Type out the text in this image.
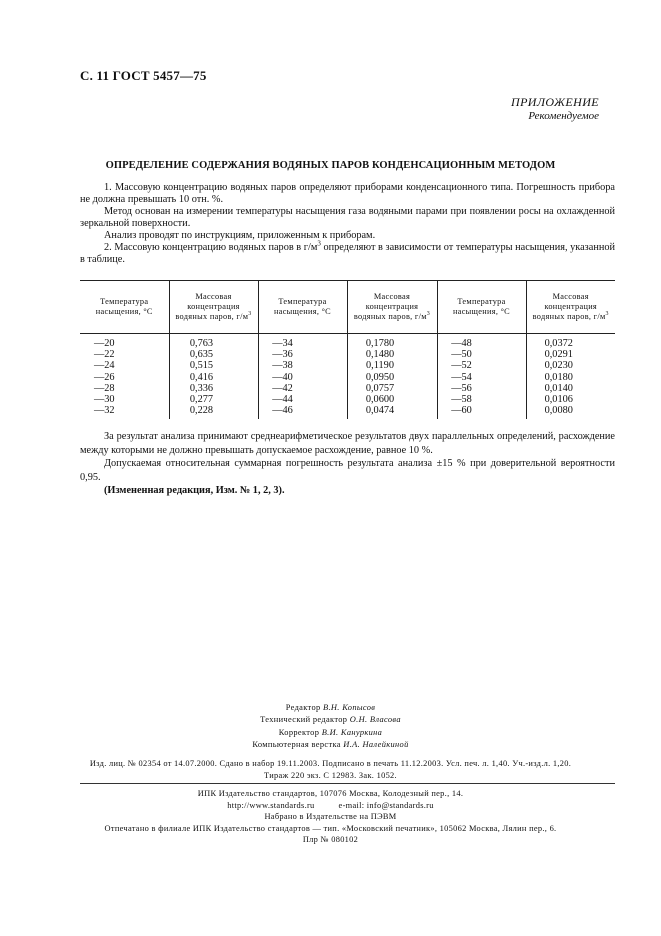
С. 11 ГОСТ 5457—75
ПРИЛОЖЕНИЕ
Рекомендуемое
ОПРЕДЕЛЕНИЕ СОДЕРЖАНИЯ ВОДЯНЫХ ПАРОВ КОНДЕНСАЦИОННЫМ МЕТОДОМ

1. Массовую концентрацию водяных паров определяют приборами конденсационного типа. Погрешность прибора не должна превышать 10 отн. %.

Метод основан на измерении температуры насыщения газа водяными парами при появлении росы на охлажденной зеркальной поверхности.

Анализ проводят по инструкциям, приложенным к приборам.

2. Массовую концентрацию водяных паров в $г/м^3$ определяют в зависимости от температуры насыщения, указанной в таблице.

Температура насыщения, °С	Массовая концентрация водяных паров, $г/м^3$	Температура насыщения, °С	Массовая концентрация водяных паров, $г/м^3$	Температура насыщения, °С	Массовая концентрация водяных паров, $г/м^3$
—20	0,763	—34	0,1780	—48	0,0372
—22	0,635	—36	0,1480	—50	0,0291
—24	0,515	—38	0,1190	—52	0,0230
—26	0,416	—40	0,0950	—54	0,0180
—28	0,336	—42	0,0757	—56	0,0140
—30	0,277	—44	0,0600	—58	0,0106
—32	0,228	—46	0,0474	—60	0,0080

За результат анализа принимают среднеарифметическое результатов двух параллельных определений, расхождение между которыми не должно превышать допускаемое расхождение, равное 10 %.

Допускаемая относительная суммарная погрешность результата анализа ±15 % при доверительной вероятности 0,95.

(Измененная редакция, Изм. № 1, 2, 3).

Редактор В.Н. Копысов
Технический редактор О.Н. Власова
Корректор В.И. Кануркина
Компьютерная верстка И.А. Налейкиной
Изд. лиц. № 02354 от 14.07.2000. Сдано в набор 19.11.2003. Подписано в печать 11.12.2003. Усл. печ. л. 1,40. Уч.-изд.л. 1,20.
Тираж 220 экз. С 12983. Зак. 1052.
ИПК Издательство стандартов, 107076 Москва, Колодезный пер., 14.
http://www.standards.ru	e-mail: info@standards.ru
Набрано в Издательстве на ПЭВМ
Отпечатано в филиале ИПК Издательство стандартов — тип. «Московский печатник», 105062 Москва, Лялин пер., 6.
Плр № 080102
